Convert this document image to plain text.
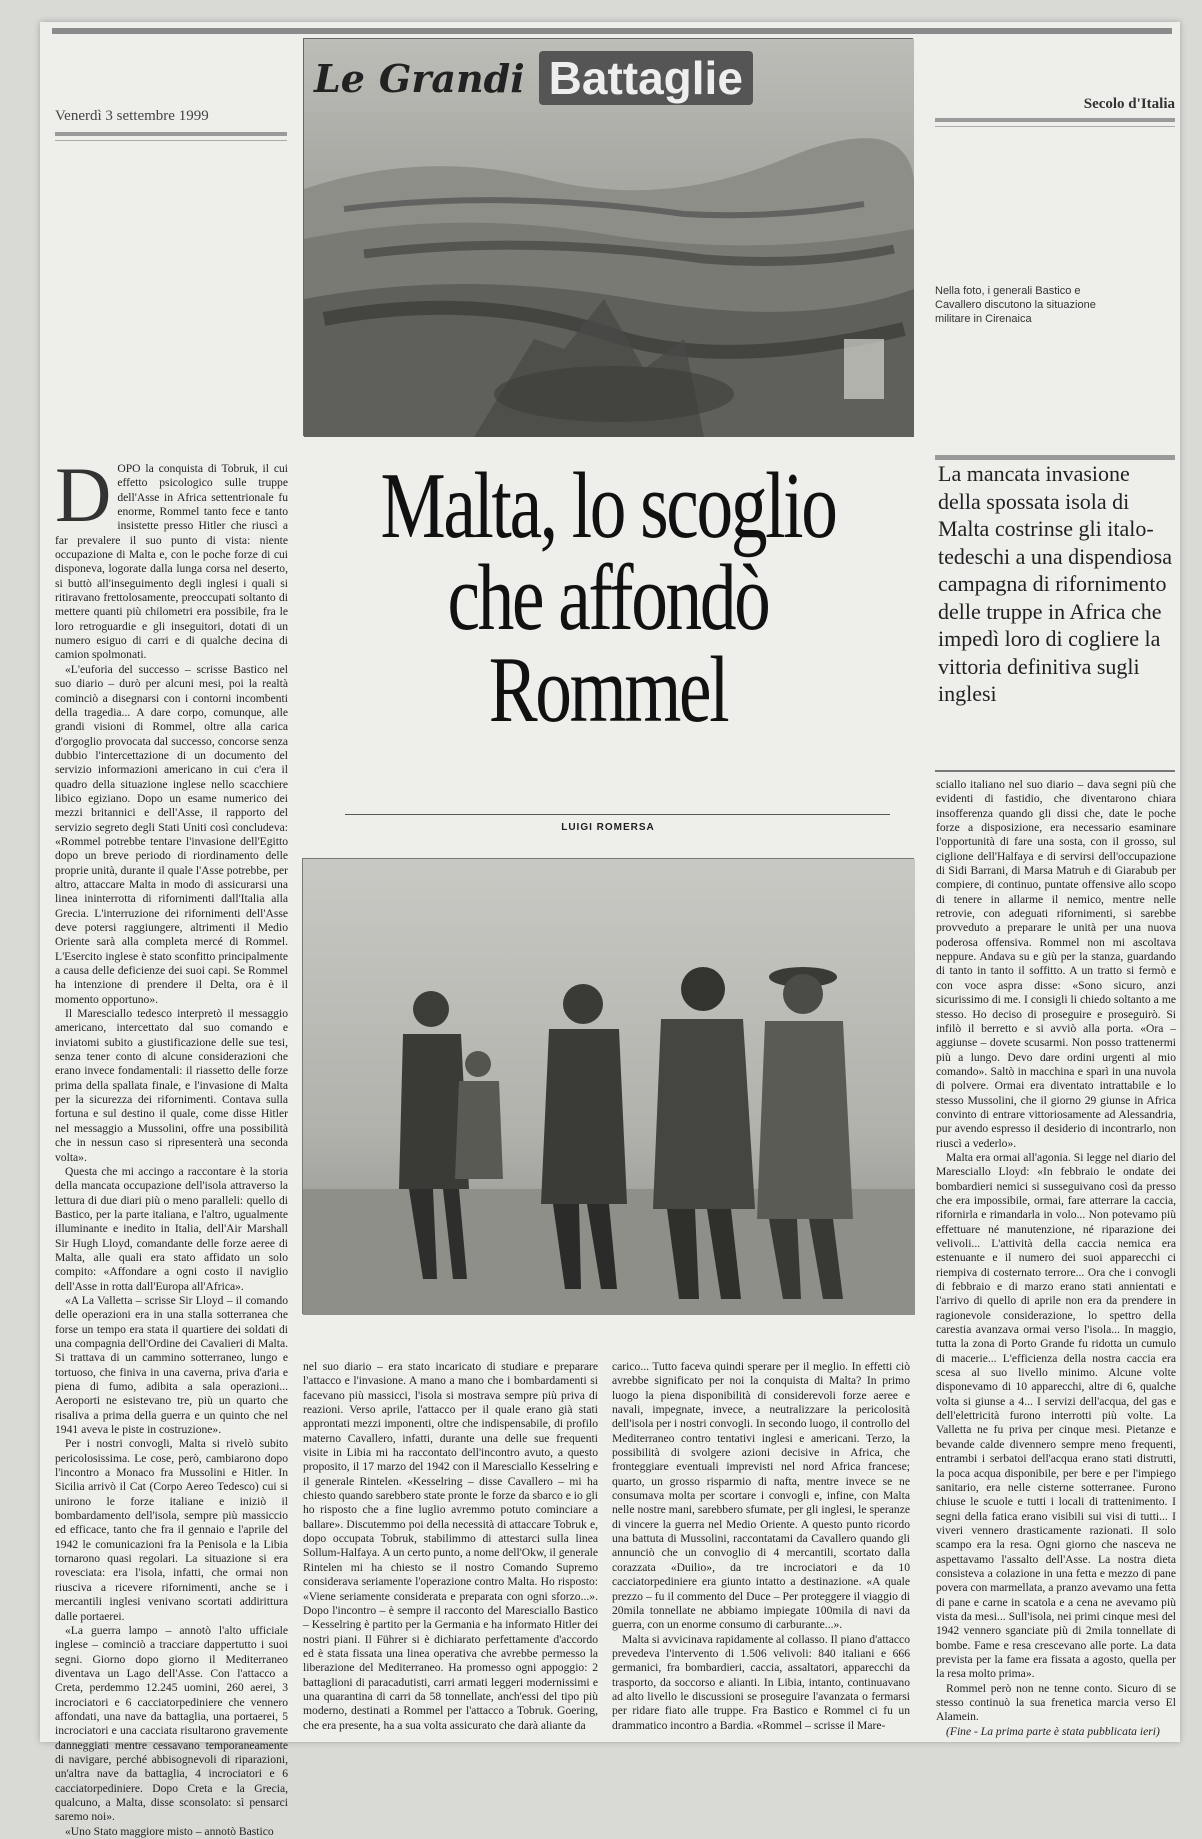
Venerdì 3 settembre 1999
Secolo d'Italia
Le Grandi Battaglie
Nella foto, i generali Bastico e Cavallero discutono la situazione militare in Cirenaica
Malta, lo scoglio
che affondò
Rommel
LUIGI ROMERSA
La mancata invasione della spossata isola di Malta costrinse gli italo-tedeschi a una dispendiosa campagna di rifornimento delle truppe in Africa che impedì loro di cogliere la vittoria definitiva sugli inglesi
D OPO la conquista di Tobruk, il cui effetto psicologico sulle truppe dell'Asse in Africa settentrionale fu enorme, Rommel tanto fece e tanto insistette presso Hitler che riuscì a far prevalere il suo punto di vista: niente occupazione di Malta e, con le poche forze di cui disponeva, logorate dalla lunga corsa nel deserto, si buttò all'inseguimento degli inglesi i quali si ritiravano frettolosamente, preoccupati soltanto di mettere quanti più chilometri era possibile, fra le loro retroguardie e gli inseguitori, dotati di un numero esiguo di carri e di qualche decina di camion spolmonati.

«L'euforia del successo – scrisse Bastico nel suo diario – durò per alcuni mesi, poi la realtà cominciò a disegnarsi con i contorni incombenti della tragedia... A dare corpo, comunque, alle grandi visioni di Rommel, oltre alla carica d'orgoglio provocata dal successo, concorse senza dubbio l'intercettazione di un documento del servizio informazioni americano in cui c'era il quadro della situazione inglese nello scacchiere libico egiziano. Dopo un esame numerico dei mezzi britannici e dell'Asse, il rapporto del servizio segreto degli Stati Uniti così concludeva: «Rommel potrebbe tentare l'invasione dell'Egitto dopo un breve periodo di riordinamento delle proprie unità, durante il quale l'Asse potrebbe, per altro, attaccare Malta in modo di assicurarsi una linea ininterrotta di rifornimenti dall'Italia alla Grecia. L'interruzione dei rifornimenti dell'Asse deve potersi raggiungere, altrimenti il Medio Oriente sarà alla completa mercé di Rommel. L'Esercito inglese è stato sconfitto principalmente a causa delle deficienze dei suoi capi. Se Rommel ha intenzione di prendere il Delta, ora è il momento opportuno».

Il Maresciallo tedesco interpretò il messaggio americano, intercettato dal suo comando e inviatomi subito a giustificazione delle sue tesi, senza tener conto di alcune considerazioni che erano invece fondamentali: il riassetto delle forze prima della spallata finale, e l'invasione di Malta per la sicurezza dei rifornimenti. Contava sulla fortuna e sul destino il quale, come disse Hitler nel messaggio a Mussolini, offre una possibilità che in nessun caso si ripresenterà una seconda volta».

Questa che mi accingo a raccontare è la storia della mancata occupazione dell'isola attraverso la lettura di due diari più o meno paralleli: quello di Bastico, per la parte italiana, e l'altro, ugualmente illuminante e inedito in Italia, dell'Air Marshall Sir Hugh Lloyd, comandante delle forze aeree di Malta, alle quali era stato affidato un solo compito: «Affondare a ogni costo il naviglio dell'Asse in rotta dall'Europa all'Africa».

«A La Valletta – scrisse Sir Lloyd – il comando delle operazioni era in una stalla sotterranea che forse un tempo era stata il quartiere dei soldati di una compagnia dell'Ordine dei Cavalieri di Malta. Si trattava di un cammino sotterraneo, lungo e tortuoso, che finiva in una caverna, priva d'aria e piena di fumo, adibita a sala operazioni... Aeroporti ne esistevano tre, più un quarto che risaliva a prima della guerra e un quinto che nel 1941 aveva le piste in costruzione».

Per i nostri convogli, Malta si rivelò subito pericolosissima. Le cose, però, cambiarono dopo l'incontro a Monaco fra Mussolini e Hitler. In Sicilia arrivò il Cat (Corpo Aereo Tedesco) cui si unirono le forze italiane e iniziò il bombardamento dell'isola, sempre più massiccio ed efficace, tanto che fra il gennaio e l'aprile del 1942 le comunicazioni fra la Penisola e la Libia tornarono quasi regolari. La situazione si era rovesciata: era l'isola, infatti, che ormai non riusciva a ricevere rifornimenti, anche se i mercantili inglesi venivano scortati addirittura dalle portaerei.

«La guerra lampo – annotò l'alto ufficiale inglese – cominciò a tracciare dappertutto i suoi segni. Giorno dopo giorno il Mediterraneo diventava un Lago dell'Asse. Con l'attacco a Creta, perdemmo 12.245 uomini, 260 aerei, 3 incrociatori e 6 cacciatorpediniere che vennero affondati, una nave da battaglia, una portaerei, 5 incrociatori e una cacciata risultarono gravemente danneggiati mentre cessavano temporaneamente di navigare, perché abbisognevoli di riparazioni, un'altra nave da battaglia, 4 incrociatori e 6 cacciatorpediniere. Dopo Creta e la Grecia, qualcuno, a Malta, disse sconsolato: sì pensarci saremo noi».

«Uno Stato maggiore misto – annotò Bastico

nel suo diario – era stato incaricato di studiare e preparare l'attacco e l'invasione. A mano a mano che i bombardamenti si facevano più massicci, l'isola si mostrava sempre più priva di reazioni. Verso aprile, l'attacco per il quale erano già stati approntati mezzi imponenti, oltre che indispensabile, di profilo materno Cavallero, infatti, durante una delle sue frequenti visite in Libia mi ha raccontato dell'incontro avuto, a questo proposito, il 17 marzo del 1942 con il Maresciallo Kesselring e il generale Rintelen. «Kesselring – disse Cavallero – mi ha chiesto quando sarebbero state pronte le forze da sbarco e io gli ho risposto che a fine luglio avremmo potuto cominciare a ballare». Discutemmo poi della necessità di attaccare Tobruk e, dopo occupata Tobruk, stabilimmo di attestarci sulla linea Sollum-Halfaya. A un certo punto, a nome dell'Okw, il generale Rintelen mi ha chiesto se il nostro Comando Supremo considerava seriamente l'operazione contro Malta. Ho risposto: «Viene seriamente considerata e preparata con ogni sforzo...». Dopo l'incontro – è sempre il racconto del Maresciallo Bastico – Kesselring è partito per la Germania e ha informato Hitler dei nostri piani. Il Führer si è dichiarato perfettamente d'accordo ed è stata fissata una linea operativa che avrebbe permesso la liberazione del Mediterraneo. Ha promesso ogni appoggio: 2 battaglioni di paracadutisti, carri armati leggeri modernissimi e una quarantina di carri da 58 tonnellate, anch'essi del tipo più moderno, destinati a Rommel per l'attacco a Tobruk. Goering, che era presente, ha a sua volta assicurato che darà aliante da

carico... Tutto faceva quindi sperare per il meglio. In effetti ciò avrebbe significato per noi la conquista di Malta? In primo luogo la piena disponibilità di considerevoli forze aeree e navali, impegnate, invece, a neutralizzare la pericolosità dell'isola per i nostri convogli. In secondo luogo, il controllo del Mediterraneo contro tentativi inglesi e americani. Terzo, la possibilità di svolgere azioni decisive in Africa, che fronteggiare eventuali imprevisti nel nord Africa francese; quarto, un grosso risparmio di nafta, mentre invece se ne consumava molta per scortare i convogli e, infine, con Malta nelle nostre mani, sarebbero sfumate, per gli inglesi, le speranze di vincere la guerra nel Medio Oriente. A questo punto ricordo una battuta di Mussolini, raccontatami da Cavallero quando gli annunciò che un convoglio di 4 mercantili, scortato dalla corazzata «Duilio», da tre incrociatori e da 10 cacciatorpediniere era giunto intatto a destinazione. «A quale prezzo – fu il commento del Duce – Per proteggere il viaggio di 20mila tonnellate ne abbiamo impiegate 100mila di navi da guerra, con un enorme consumo di carburante...».

Malta si avvicinava rapidamente al collasso. Il piano d'attacco prevedeva l'intervento di 1.506 velivoli: 840 italiani e 666 germanici, fra bombardieri, caccia, assaltatori, apparecchi da trasporto, da soccorso e alianti. In Libia, intanto, continuavano ad alto livello le discussioni se proseguire l'avanzata o fermarsi per ridare fiato alle truppe. Fra Bastico e Rommel ci fu un drammatico incontro a Bardia. «Rommel – scrisse il Mare-

sciallo italiano nel suo diario – dava segni più che evidenti di fastidio, che diventarono chiara insofferenza quando gli dissi che, date le poche forze a disposizione, era necessario esaminare l'opportunità di fare una sosta, con il grosso, sul ciglione dell'Halfaya e di servirsi dell'occupazione di Sidi Barrani, di Marsa Matruh e di Giarabub per compiere, di continuo, puntate offensive allo scopo di tenere in allarme il nemico, mentre nelle retrovie, con adeguati rifornimenti, si sarebbe provveduto a preparare le unità per una nuova poderosa offensiva. Rommel non mi ascoltava neppure. Andava su e giù per la stanza, guardando di tanto in tanto il soffitto. A un tratto si fermò e con voce aspra disse: «Sono sicuro, anzi sicurissimo di me. I consigli li chiedo soltanto a me stesso. Ho deciso di proseguire e proseguirò. Si infilò il berretto e si avviò alla porta. «Ora – aggiunse – dovete scusarmi. Non posso trattenermi più a lungo. Devo dare ordini urgenti al mio comando». Saltò in macchina e sparì in una nuvola di polvere. Ormai era diventato intrattabile e lo stesso Mussolini, che il giorno 29 giunse in Africa convinto di entrare vittoriosamente ad Alessandria, pur avendo espresso il desiderio di incontrarlo, non riuscì a vederlo».

Malta era ormai all'agonia. Si legge nel diario del Maresciallo Lloyd: «In febbraio le ondate dei bombardieri nemici si susseguivano così da presso che era impossibile, ormai, fare atterrare la caccia, rifornirla e rimandarla in volo... Non potevamo più effettuare né manutenzione, né riparazione dei velivoli... L'attività della caccia nemica era estenuante e il numero dei suoi apparecchi ci riempiva di costernato terrore... Ora che i convogli di febbraio e di marzo erano stati annientati e l'arrivo di quello di aprile non era da prendere in ragionevole considerazione, lo spettro della carestia avanzava ormai verso l'isola... In maggio, tutta la zona di Porto Grande fu ridotta un cumulo di macerie... L'efficienza della nostra caccia era scesa al suo livello minimo. Alcune volte disponevamo di 10 apparecchi, altre di 6, qualche volta si giunse a 4... I servizi dell'acqua, del gas e dell'elettricità furono interrotti più volte. La Valletta ne fu priva per cinque mesi. Pietanze e bevande calde divennero sempre meno frequenti, entrambi i serbatoi dell'acqua erano stati distrutti, la poca acqua disponibile, per bere e per l'impiego sanitario, era nelle cisterne sotterranee. Furono chiuse le scuole e tutti i locali di trattenimento. I segni della fatica erano visibili sui visi di tutti... I viveri vennero drasticamente razionati. Il solo scampo era la resa. Ogni giorno che nasceva ne aspettavamo l'assalto dell'Asse. La nostra dieta consisteva a colazione in una fetta e mezzo di pane povera con marmellata, a pranzo avevamo una fetta di pane e carne in scatola e a cena ne avevamo più vista da mesi... Sull'isola, nei primi cinque mesi del 1942 vennero sganciate più di 2mila tonnellate di bombe. Fame e resa crescevano alle porte. La data prevista per la fame era fissata a agosto, quella per la resa molto prima».

Rommel però non ne tenne conto. Sicuro di se stesso continuò la sua frenetica marcia verso El Alamein.

(Fine - La prima parte è stata pubblicata ieri)
